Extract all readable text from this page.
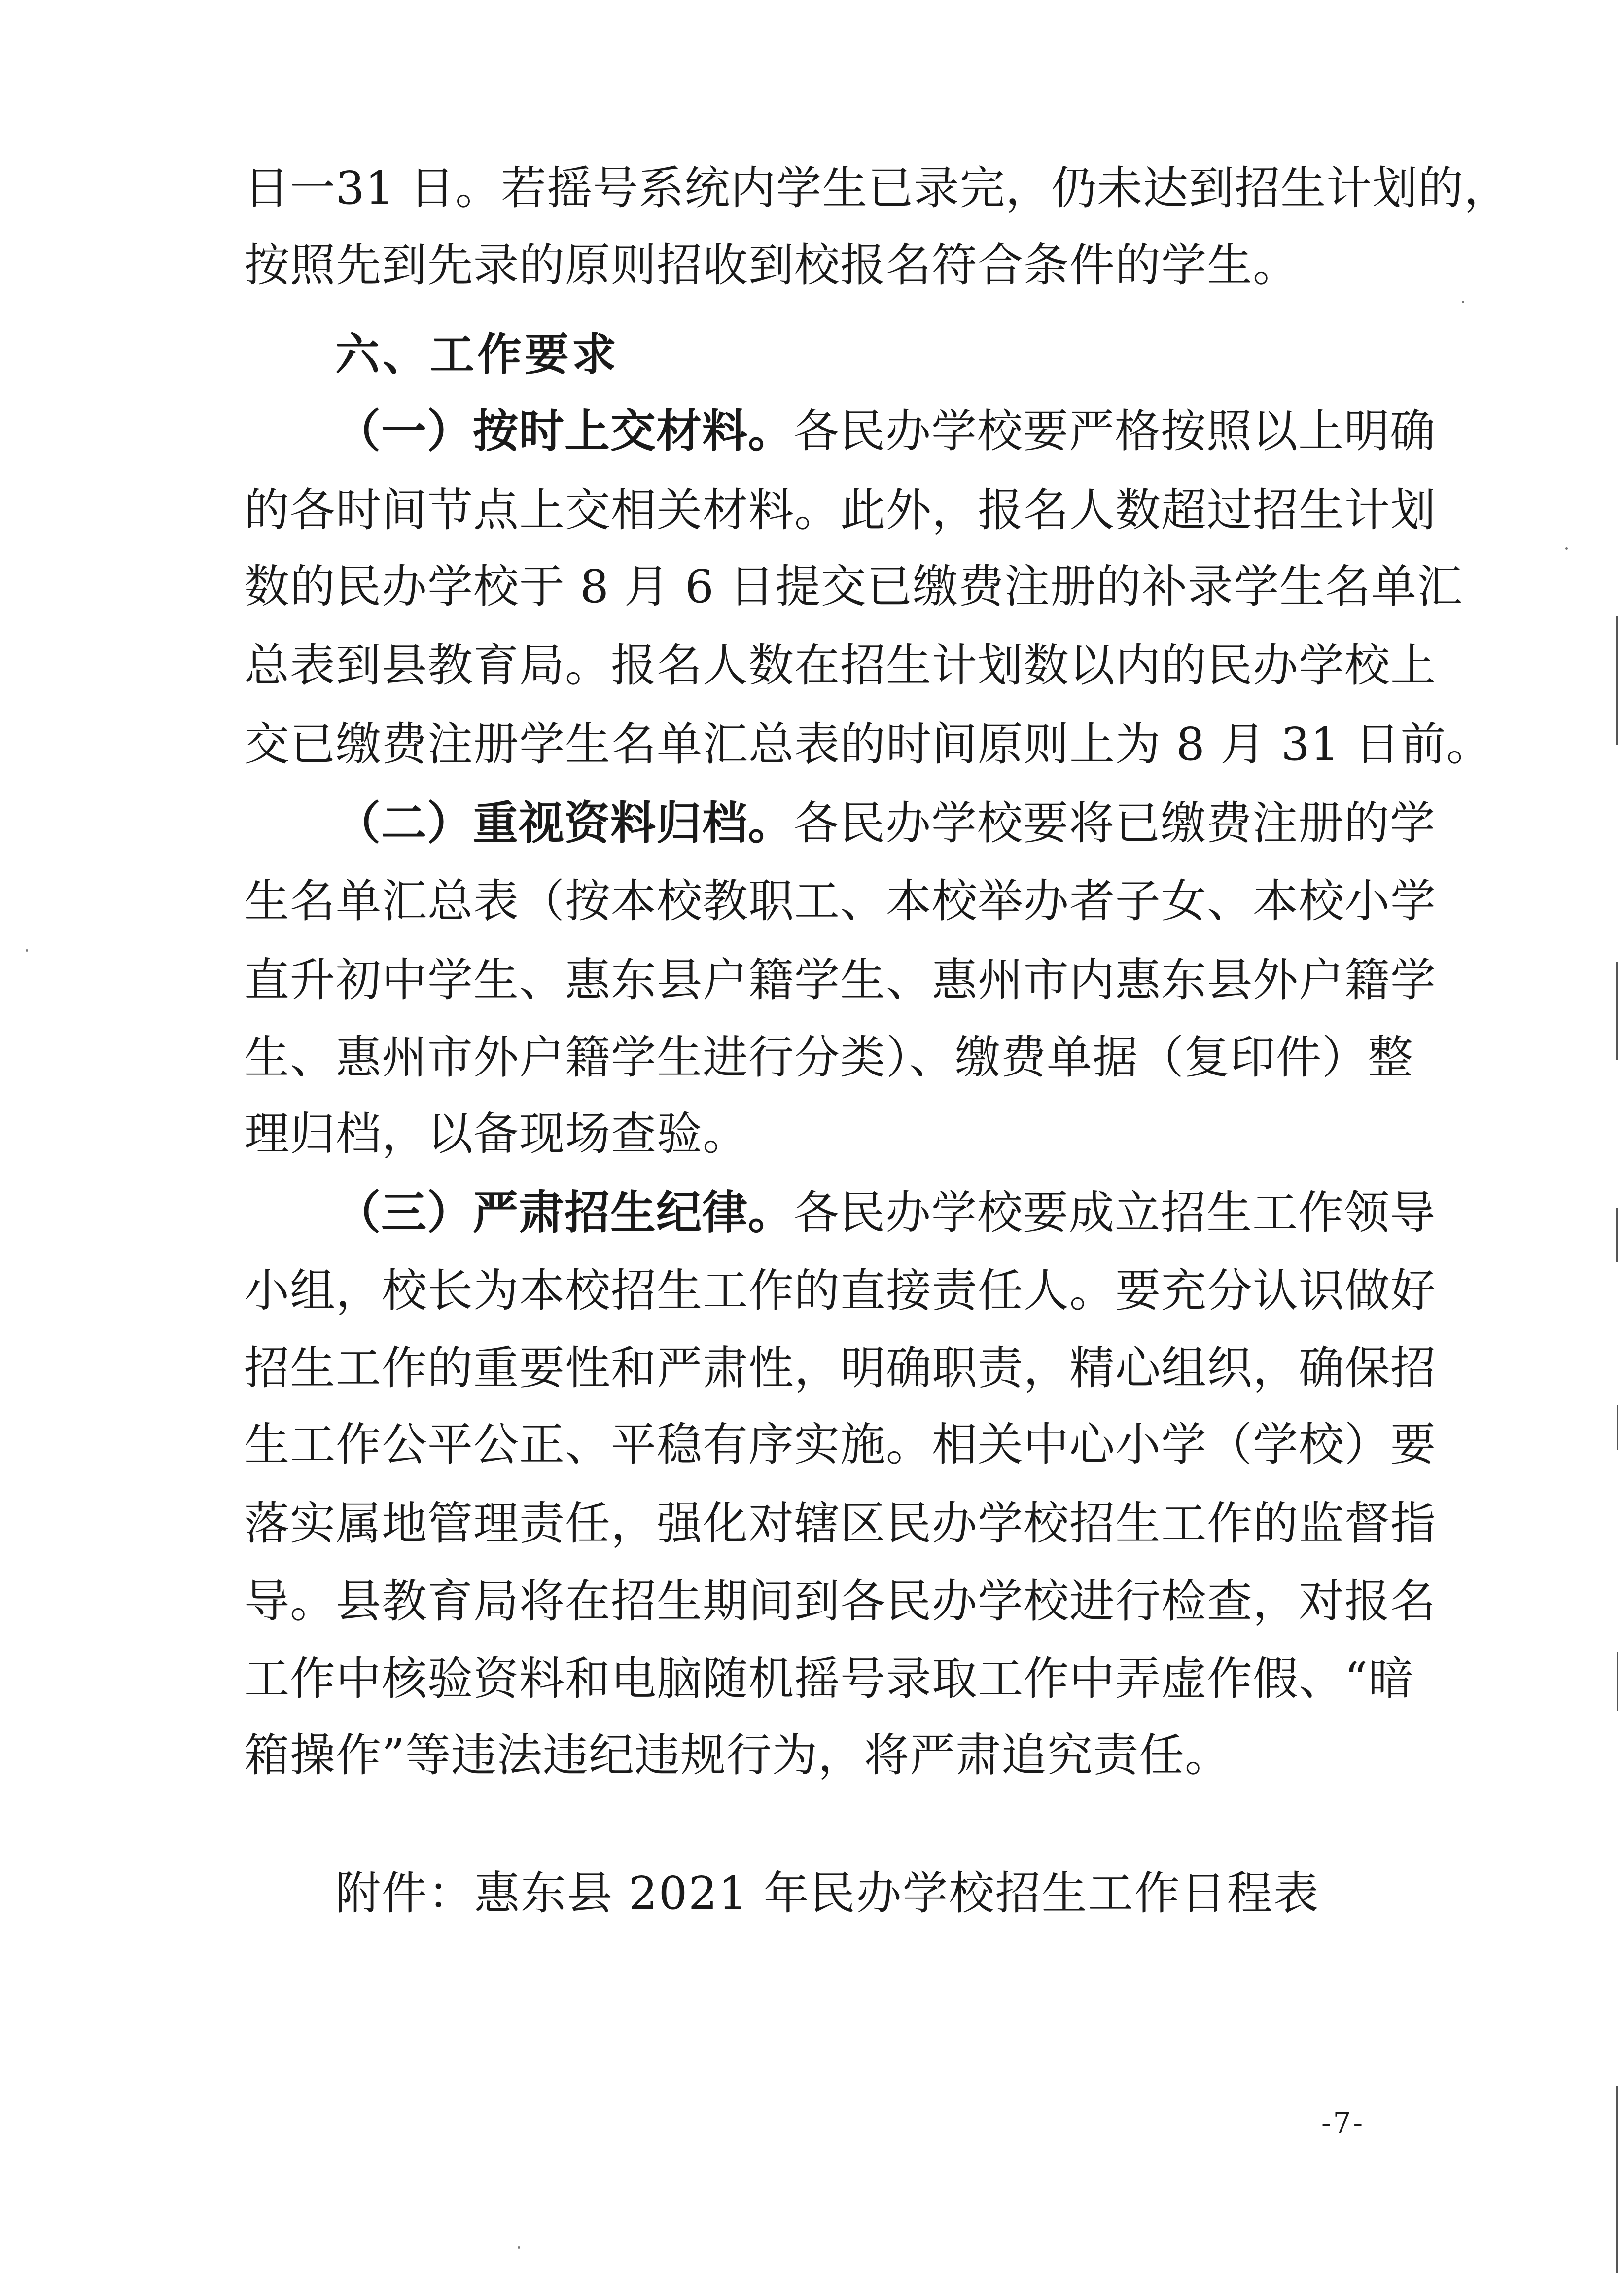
日一31 日。若摇号系统内学生已录完，仍未达到招生计划的，
按照先到先录的原则招收到校报名符合条件的学生。
六、工作要求
（一）按时上交材料。各民办学校要严格按照以上明确
的各时间节点上交相关材料。此外，报名人数超过招生计划
数的民办学校于 8 月 6 日提交已缴费注册的补录学生名单汇
总表到县教育局。报名人数在招生计划数以内的民办学校上
交已缴费注册学生名单汇总表的时间原则上为 8 月 31 日前。
（二）重视资料归档。各民办学校要将已缴费注册的学
生名单汇总表（按本校教职工、本校举办者子女、本校小学
直升初中学生、惠东县户籍学生、惠州市内惠东县外户籍学
生、惠州市外户籍学生进行分类）、缴费单据（复印件）整
理归档，以备现场查验。
（三）严肃招生纪律。各民办学校要成立招生工作领导
小组，校长为本校招生工作的直接责任人。要充分认识做好
招生工作的重要性和严肃性，明确职责，精心组织，确保招
生工作公平公正、平稳有序实施。相关中心小学（学校）要
落实属地管理责任，强化对辖区民办学校招生工作的监督指
导。县教育局将在招生期间到各民办学校进行检查，对报名
工作中核验资料和电脑随机摇号录取工作中弄虚作假、“暗
箱操作”等违法违纪违规行为，将严肃追究责任。
附件：惠东县 2021 年民办学校招生工作日程表
-7-
